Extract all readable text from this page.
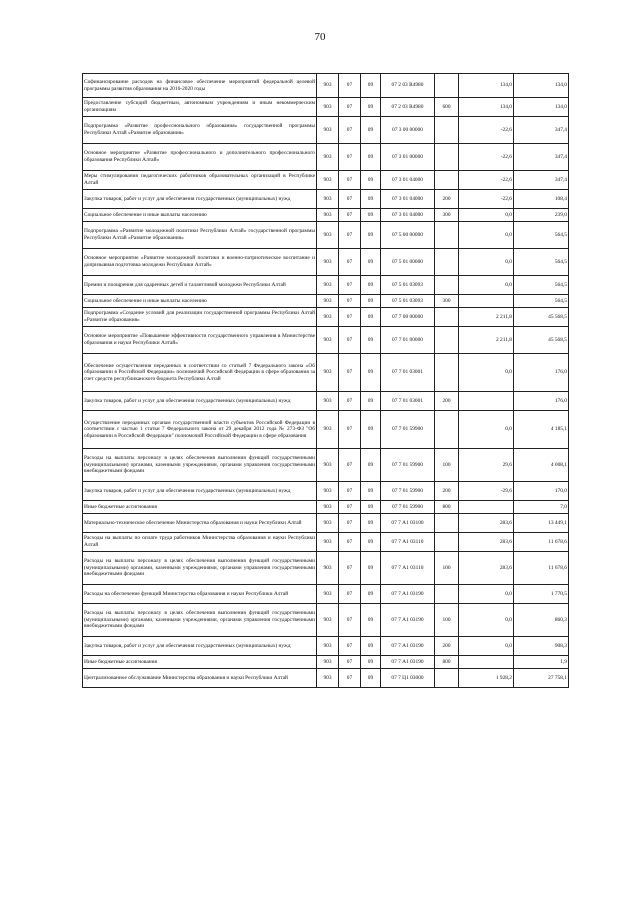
70
Софинансирование расходов на финансовое обеспечение мероприятий федеральной целевой программы развития образования на 2016-2020 годы	903	07	09	07 2 03 R4980		134,0	134,0
Предоставление субсидий бюджетным, автономным учреждениям и иным некоммерческим организациям	903	07	09	07 2 03 R4980	600	134,0	134,0
Подпрограмма «Развитие профессионального образования» государственной программы Республики Алтай «Развитие образования»	903	07	09	07 3 00 00000		-22,6	347,4
Основное мероприятие «Развитие профессионального и дополнительного профессионального образования Республики Алтай»	903	07	09	07 3 01 00000		-22,6	347,4
Меры стимулирования педагогических работников образовательных организаций в Республике Алтай	903	07	09	07 3 01 04000		-22,6	347,4
Закупка товаров, работ и услуг для обеспечения государственных (муниципальных) нужд	903	07	09	07 3 01 04000	200	-22,6	108,4
Социальное обеспечение и иные выплаты населению	903	07	09	07 3 01 04000	300	0,0	239,0
Подпрограмма «Развитие молодежной политики Республики Алтай» государственной программы Республики Алтай «Развитие образования»	903	07	09	07 5 00 00000		0,0	564,5
Основное мероприятие «Развитие молодежной политики и военно-патриотическое воспитание и допризывная подготовка молодежи Республики Алтай»	903	07	09	07 5 01 00000		0,0	564,5
Премии и поощрения для одаренных детей и талантливой молодежи Республики Алтай	903	07	09	07 5 01 03093		0,0	564,5
Социальное обеспечение и иные выплаты населению	903	07	09	07 5 01 03093	300		564,5
Подпрограмма «Создание условий для реализации государственной программы Республики Алтай «Развитие образования»	903	07	09	07 7 00 00000		2 211,8	45 568,5
Основное мероприятие «Повышение эффективности государственного управления в Министерстве образования и науки Республики Алтай»	903	07	09	07 7 01 00000		2 211,8	45 568,5
Обеспечение осуществления переданных в соответствии со статьей 7 Федерального закона «Об образовании в Российской Федерации» полномочий Российской Федерации в сфере образования за счет средств республиканского бюджета Республики Алтай	903	07	09	07 7 01 03001		0,0	176,0
Закупка товаров, работ и услуг для обеспечения государственных (муниципальных) нужд	903	07	09	07 7 01 03001	200		176,0
Осуществление переданных органам государственной власти субъектов Российской Федерации в соответствии с частью 1 статьи 7 Федерального закона от 29 декабря 2012 года № 273-ФЗ "Об образовании в Российской Федерации" полномочий Российской Федерации в сфере образования	903	07	09	07 7 01 59900		0,0	4 185,1
Расходы на выплаты персоналу в целях обеспечения выполнения функций государственными (муниципальными) органами, казенными учреждениями, органами управления государственными внебюджетными фондами	903	07	09	07 7 01 59900	100	29,6	4 008,1
Закупка товаров, работ и услуг для обеспечения государственных (муниципальных) нужд	903	07	09	07 7 01 59900	200	-29,6	170,0
Иные бюджетные ассигнования	903	07	09	07 7 01 59900	800		7,0
Материально-техническое обеспечение Министерства образования и науки Республики Алтай	903	07	09	07 7 А1 03100		283,6	13 449,1
Расходы на выплаты по оплате труда работников Министерства образования и науки Республики Алтай	903	07	09	07 7 А1 03110		283,6	11 678,6
Расходы на выплаты персоналу в целях обеспечения выполнения функций государственными (муниципальными) органами, казенными учреждениями, органами управления государственными внебюджетными фондами	903	07	09	07 7 А1 03110	100	283,6	11 678,6
Расходы на обеспечение функций Министерства образования и науки Республики Алтай	903	07	09	07 7 А1 03190		0,0	1 770,5
Расходы на выплаты персоналу в целях обеспечения выполнения функций государственными (муниципальными) органами, казенными учреждениями, органами управления государственными внебюджетными фондами	903	07	09	07 7 А1 03190	100	0,0	860,3
Закупка товаров, работ и услуг для обеспечения государственных (муниципальных) нужд	903	07	09	07 7 А1 03190	200	0,0	908,3
Иные бюджетные ассигнования	903	07	09	07 7 А1 03190	800		1,9
Централизованное обслуживание Министерства образования и науки Республики Алтай	903	07	09	07 7 Ц1 03000		1 928,2	27 758,1
